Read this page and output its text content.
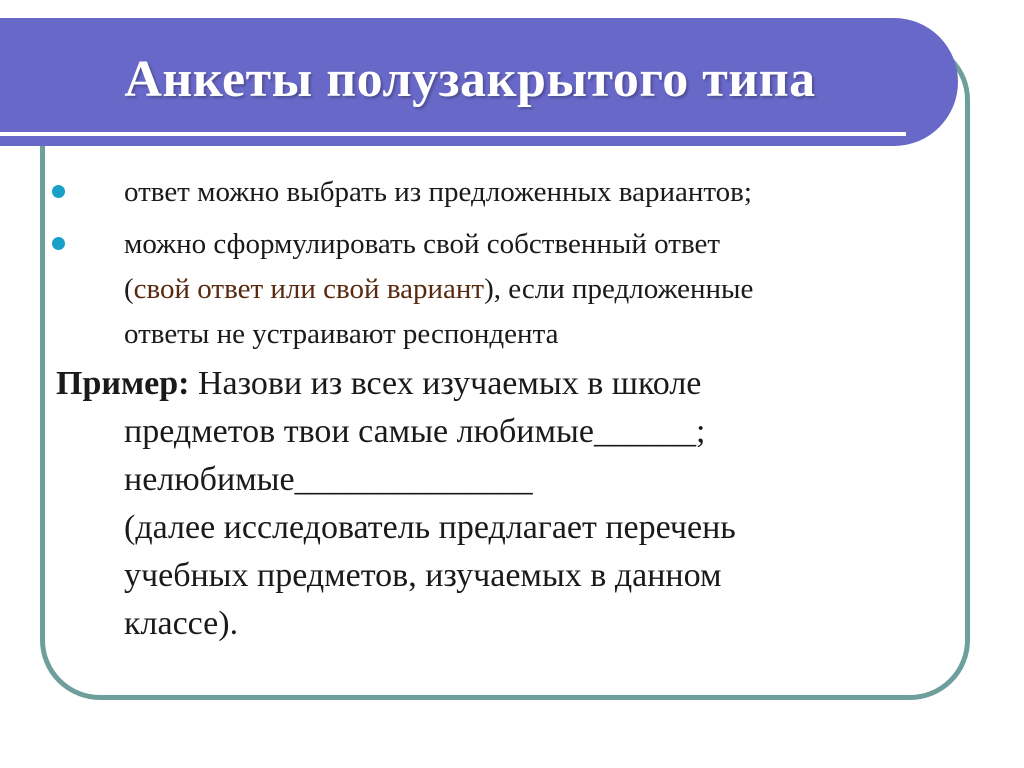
Анкеты полузакрытого типа
ответ можно выбрать из предложенных вариантов;
можно сформулировать свой собственный ответ
(свой ответ или свой вариант), если предложенные
ответы не устраивают респондента
Пример: Назови из всех изучаемых в школе
предметов твои самые любимые______;
нелюбимые______________
(далее исследователь предлагает перечень
учебных предметов, изучаемых в данном
классе).
